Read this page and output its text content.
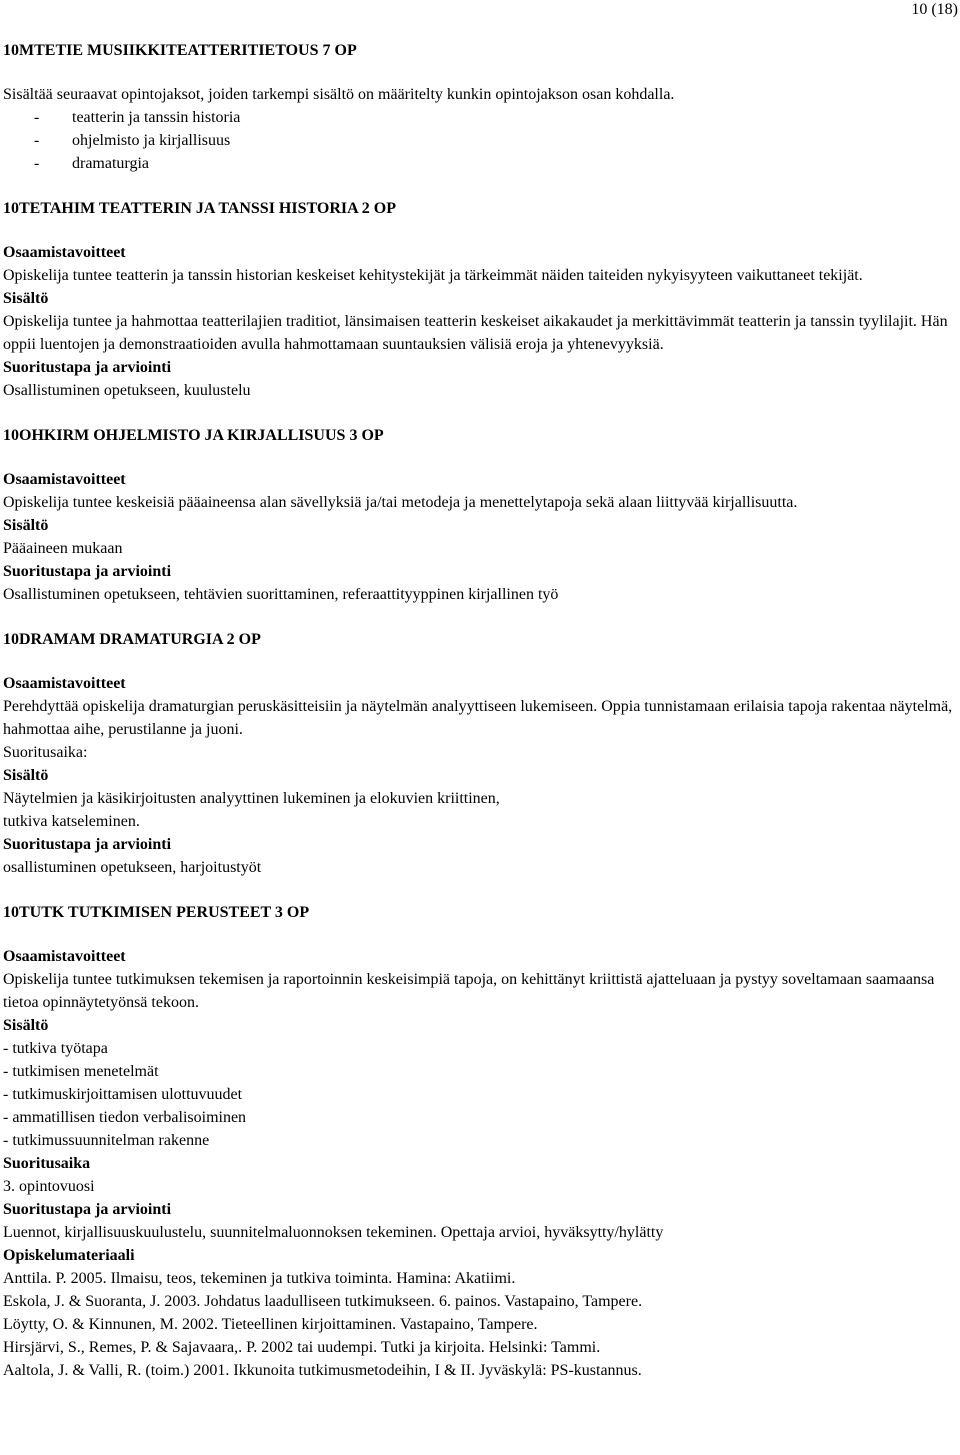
10 (18)

10MTETIE MUSIIKKITEATTERITIETOUS 7 OP

Sisältää seuraavat opintojaksot, joiden tarkempi sisältö on määritelty kunkin opintojakson osan kohdalla.

- teatterin ja tanssin historia

- ohjelmisto ja kirjallisuus

- dramaturgia

10TETAHIM TEATTERIN JA TANSSI HISTORIA 2 OP

Osaamistavoitteet

Opiskelija tuntee teatterin ja tanssin historian keskeiset kehitystekijät ja tärkeimmät näiden taiteiden nykyisyyteen vaikuttaneet tekijät.

Sisältö

Opiskelija tuntee ja hahmottaa teatterilajien traditiot, länsimaisen teatterin keskeiset aikakaudet ja merkittävimmät teatterin ja tanssin tyylilajit. Hän oppii luentojen ja demonstraatioiden avulla hahmottamaan suuntauksien välisiä eroja ja yhtenevyyksiä.

Suoritustapa ja arviointi

Osallistuminen opetukseen, kuulustelu

10OHKIRM OHJELMISTO JA KIRJALLISUUS 3 OP

Osaamistavoitteet

Opiskelija tuntee keskeisiä pääaineensa alan sävellyksiä ja/tai metodeja ja menettelytapoja sekä alaan liittyvää kirjallisuutta.

Sisältö

Pääaineen mukaan

Suoritustapa ja arviointi

Osallistuminen opetukseen, tehtävien suorittaminen, referaattityyppinen kirjallinen työ

10DRAMAM DRAMATURGIA 2 OP

Osaamistavoitteet

Perehdyttää opiskelija dramaturgian peruskäsitteisiin ja näytelmän analyyttiseen lukemiseen. Oppia tunnistamaan erilaisia tapoja rakentaa näytelmä, hahmottaa aihe, perustilanne ja juoni.

Suoritusaika:

Sisältö

Näytelmien ja käsikirjoitusten analyyttinen lukeminen ja elokuvien kriittinen,

tutkiva katseleminen.

Suoritustapa ja arviointi

osallistuminen opetukseen, harjoitustyöt

10TUTK TUTKIMISEN PERUSTEET 3 OP

Osaamistavoitteet

Opiskelija tuntee tutkimuksen tekemisen ja raportoinnin keskeisimpiä tapoja, on kehittänyt kriittistä ajatteluaan ja pystyy soveltamaan saamaansa tietoa opinnäytetyönsä tekoon.

Sisältö

- tutkiva työtapa

- tutkimisen menetelmät

- tutkimuskirjoittamisen ulottuvuudet

- ammatillisen tiedon verbalisoiminen

- tutkimussuunnitelman rakenne

Suoritusaika

3. opintovuosi

Suoritustapa ja arviointi

Luennot, kirjallisuuskuulustelu, suunnitelmaluonnoksen tekeminen. Opettaja arvioi, hyväksytty/hylätty

Opiskelumateriaali

Anttila. P. 2005. Ilmaisu, teos, tekeminen ja tutkiva toiminta. Hamina: Akatiimi.

Eskola, J. & Suoranta, J. 2003. Johdatus laadulliseen tutkimukseen. 6. painos. Vastapaino, Tampere.

Löytty, O. & Kinnunen, M. 2002. Tieteellinen kirjoittaminen. Vastapaino, Tampere.

Hirsjärvi, S., Remes, P. & Sajavaara,. P. 2002 tai uudempi. Tutki ja kirjoita. Helsinki: Tammi.

Aaltola, J. & Valli, R. (toim.) 2001. Ikkunoita tutkimusmetodeihin, I & II. Jyväskylä: PS-kustannus.
